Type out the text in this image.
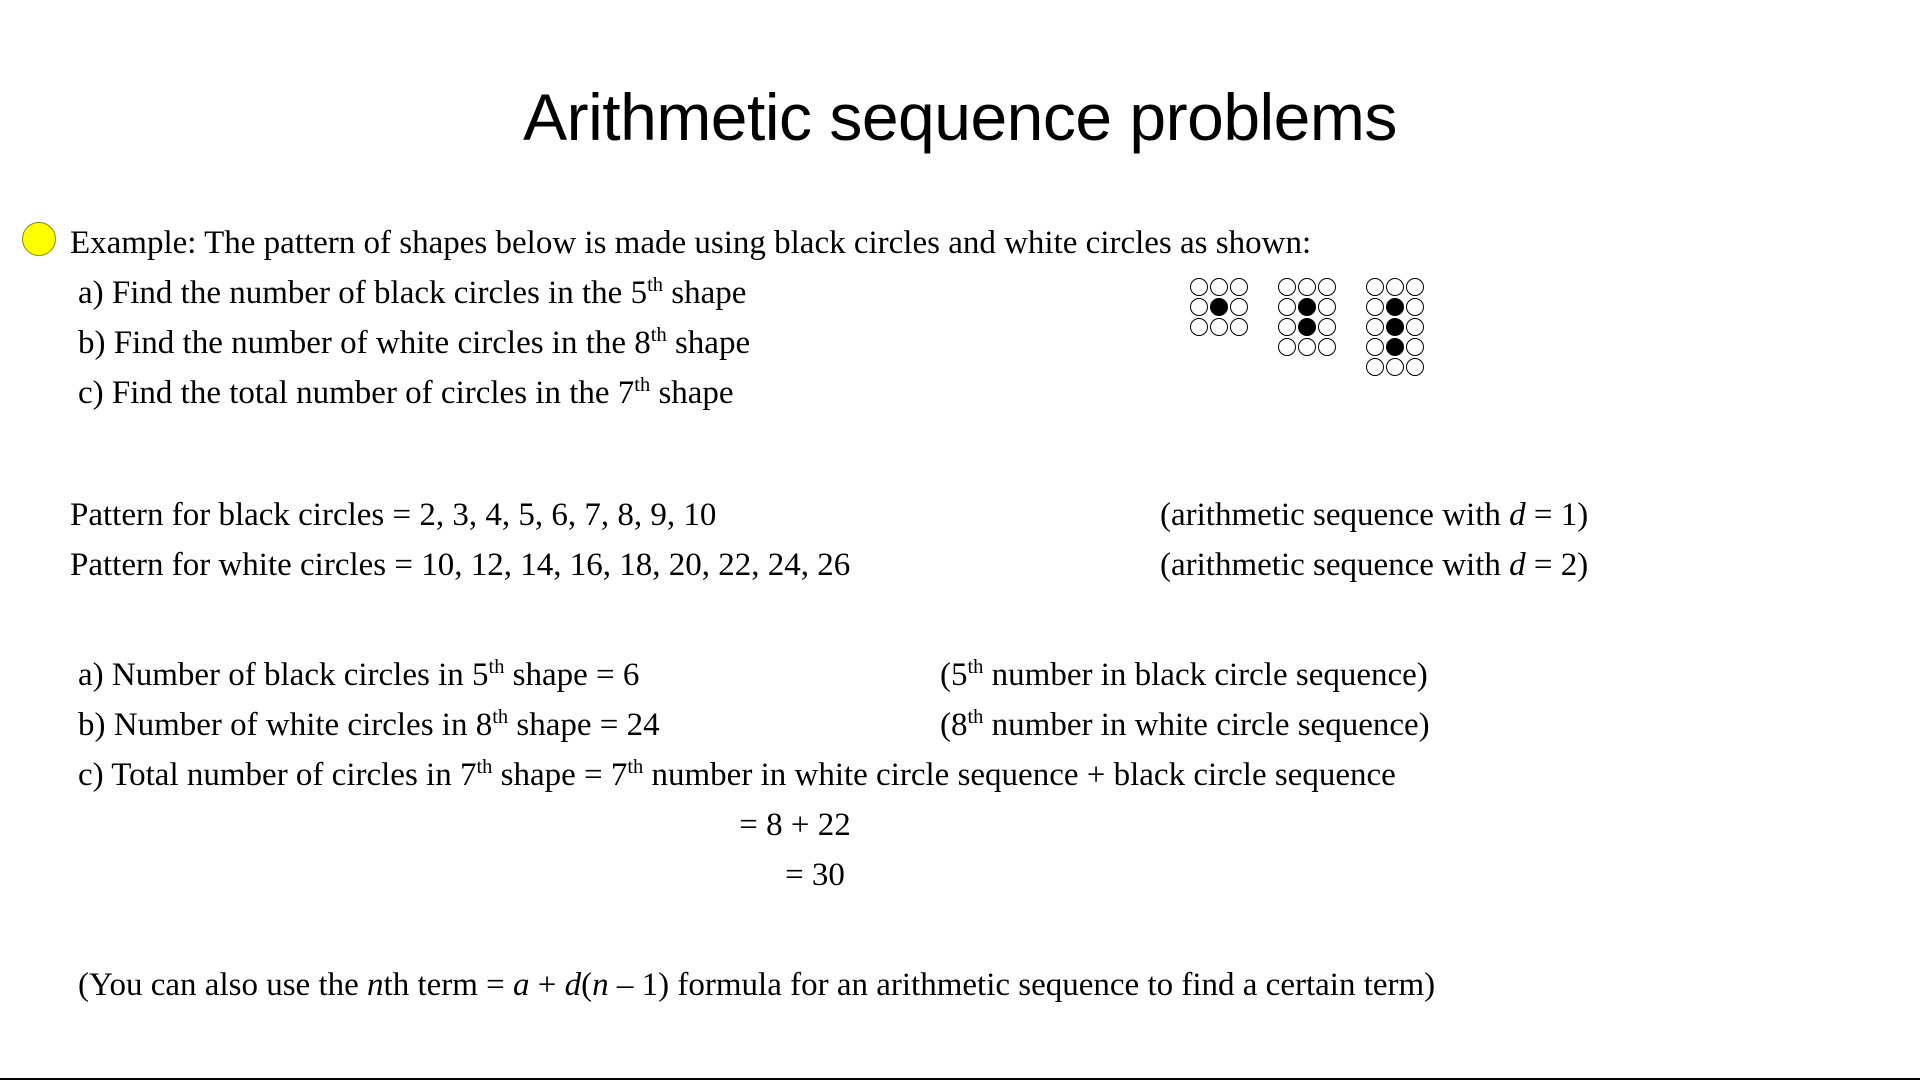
Arithmetic sequence problems
Example: The pattern of shapes below is made using black circles and white circles as shown:
a) Find the number of black circles in the 5th shape
b) Find the number of white circles in the 8th shape
c) Find the total number of circles in the 7th shape
Pattern for black circles = 2, 3, 4, 5, 6, 7, 8, 9, 10	(arithmetic sequence with d = 1)
Pattern for white circles = 10, 12, 14, 16, 18, 20, 22, 24, 26	(arithmetic sequence with d = 2)
a) Number of black circles in 5th shape = 6	(5th number in black circle sequence)
b) Number of white circles in 8th shape = 24	(8th number in white circle sequence)
c) Total number of circles in 7th shape = 7th number in white circle sequence + black circle sequence
= 8 + 22
= 30
(You can also use the nth term = a + d(n – 1) formula for an arithmetic sequence to find a certain term)
